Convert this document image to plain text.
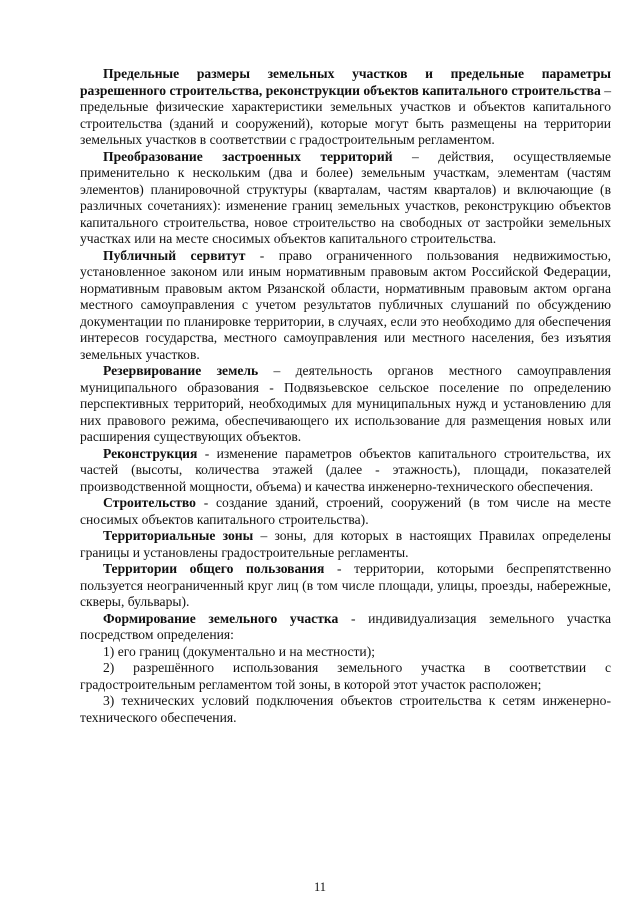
Предельные размеры земельных участков и предельные параметры разрешенного строительства, реконструкции объектов капитального строительства – предельные физические характеристики земельных участков и объектов капитального строительства (зданий и сооружений), которые могут быть размещены на территории земельных участков в соответствии с градостроительным регламентом.

Преобразование застроенных территорий – действия, осуществляемые применительно к нескольким (два и более) земельным участкам, элементам (частям элементов) планировочной структуры (кварталам, частям кварталов) и включающие (в различных сочетаниях): изменение границ земельных участков, реконструкцию объектов капитального строительства, новое строительство на свободных от застройки земельных участках или на месте сносимых объектов капитального строительства.

Публичный сервитут - право ограниченного пользования недвижимостью, установленное законом или иным нормативным правовым актом Российской Федерации, нормативным правовым актом Рязанской области, нормативным правовым актом органа местного самоуправления с учетом результатов публичных слушаний по обсуждению документации по планировке территории, в случаях, если это необходимо для обеспечения интересов государства, местного самоуправления или местного населения, без изъятия земельных участков.

Резервирование земель – деятельность органов местного самоуправления муниципального образования - Подвязьевское сельское поселение по определению перспективных территорий, необходимых для муниципальных нужд и установлению для них правового режима, обеспечивающего их использование для размещения новых или расширения существующих объектов.

Реконструкция - изменение параметров объектов капитального строительства, их частей (высоты, количества этажей (далее - этажность), площади, показателей производственной мощности, объема) и качества инженерно-технического обеспечения.

Строительство - создание зданий, строений, сооружений (в том числе на месте сносимых объектов капитального строительства).

Территориальные зоны – зоны, для которых в настоящих Правилах определены границы и установлены градостроительные регламенты.

Территории общего пользования - территории, которыми беспрепятственно пользуется неограниченный круг лиц (в том числе площади, улицы, проезды, набережные, скверы, бульвары).

Формирование земельного участка - индивидуализация земельного участка посредством определения:

1) его границ (документально и на местности);

2) разрешённого использования земельного участка в соответствии с градостроительным регламентом той зоны, в которой этот участок расположен;

3) технических условий подключения объектов строительства к сетям инженерно-технического обеспечения.

11
